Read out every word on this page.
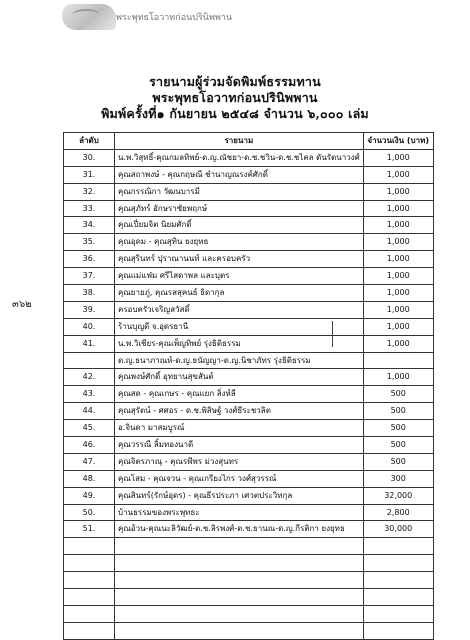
พระพุทธโอวาทก่อนปรินิพพาน
รายนามผู้ร่วมจัดพิมพ์ธรรมทาน
พระพุทธโอวาทก่อนปรินิพพาน
พิมพ์ครั้งที่๑ กันยายน ๒๕๔๘ จำนวน ๖,๐๐๐ เล่ม
๓๖๒
ลำดับ	รายนาม	จำนวนเงิน (บาท)
30.	น.พ.วิสุทธิ์-คุณกมลทิพย์-ด.ญ.ณัชยา-ด.ช.ชวิน-ด.ช.ชไคล ตันรัตนาวงศ์	1,000
31.	คุณสถาพงษ์ - คุณกฤษณี ชำนาญณรงค์ศักดิ์	1,000
32.	คุณกรรณิกา วัฒนบารมี	1,000
33.	คุณสุภัทร์ อักษราชัยพฤกษ์	1,000
34.	คุณเปี่ยมจิต นิยมศักดิ์	1,000
35.	คุณอุดม - คุณสุทิน ยงยุทธ	1,000
36.	คุณสุรินทร์ ปุราณานนท์ และครอบครัว	1,000
37.	คุณแม่แฟ่ม ศรีไสดาพล และบุตร	1,000
38.	คุณยายภู่, คุณรสสุคนธ์ ธิดากุล	1,000
39.	ครอบครัวเจริญสวัสดิ์	1,000
40.	ร้านบุญดี จ.อุดรธานี	1,000
41.	น.พ.วิเชียร-คุณเพ็ญทิพย์ รุ่งธิติธรรม	1,000
	ด.ญ.ธนาภาณห์-ด.ญ.ธนัญญา-ด.ญ.นิชาภัทร รุ่งธิติธรรม	
42.	คุณพงษ์ศักดิ์ อุทยานสุขสันต์	1,000
43.	คุณสด - คุณเกษร - คุณแยก ลิ่งห์ลี	500
44.	คุณสุรัตน์ - ศศอร - ด.ช.พิสิษฐ์ วงศ์ธีระชวลิต	500
45.	อ.จินดา มาสมบูรณ์	500
46.	คุณวรรณี ลิ้มทองนาดี	500
47.	คุณจิตรภาณุ - คุณรพีพร ม่วงสุนทร	500
48.	คุณโสม - คุณจวน - คุณเกรียงไกร วงศ์สุวรรณ์	300
49.	คุณสินทร์(รักษ์อุดร) - คุณธีรประภา เศวตประวิทกุล	32,000
50.	บ้านธรรมของพระพุทธะ	2,800
51.	คุณอ้วน-คุณนะลิวัฒย์-ด.ช.ลิรพงศ์-ด.ช.ธานณ-ด.ญ.กีรติกา ยงยุทธ	30,000
